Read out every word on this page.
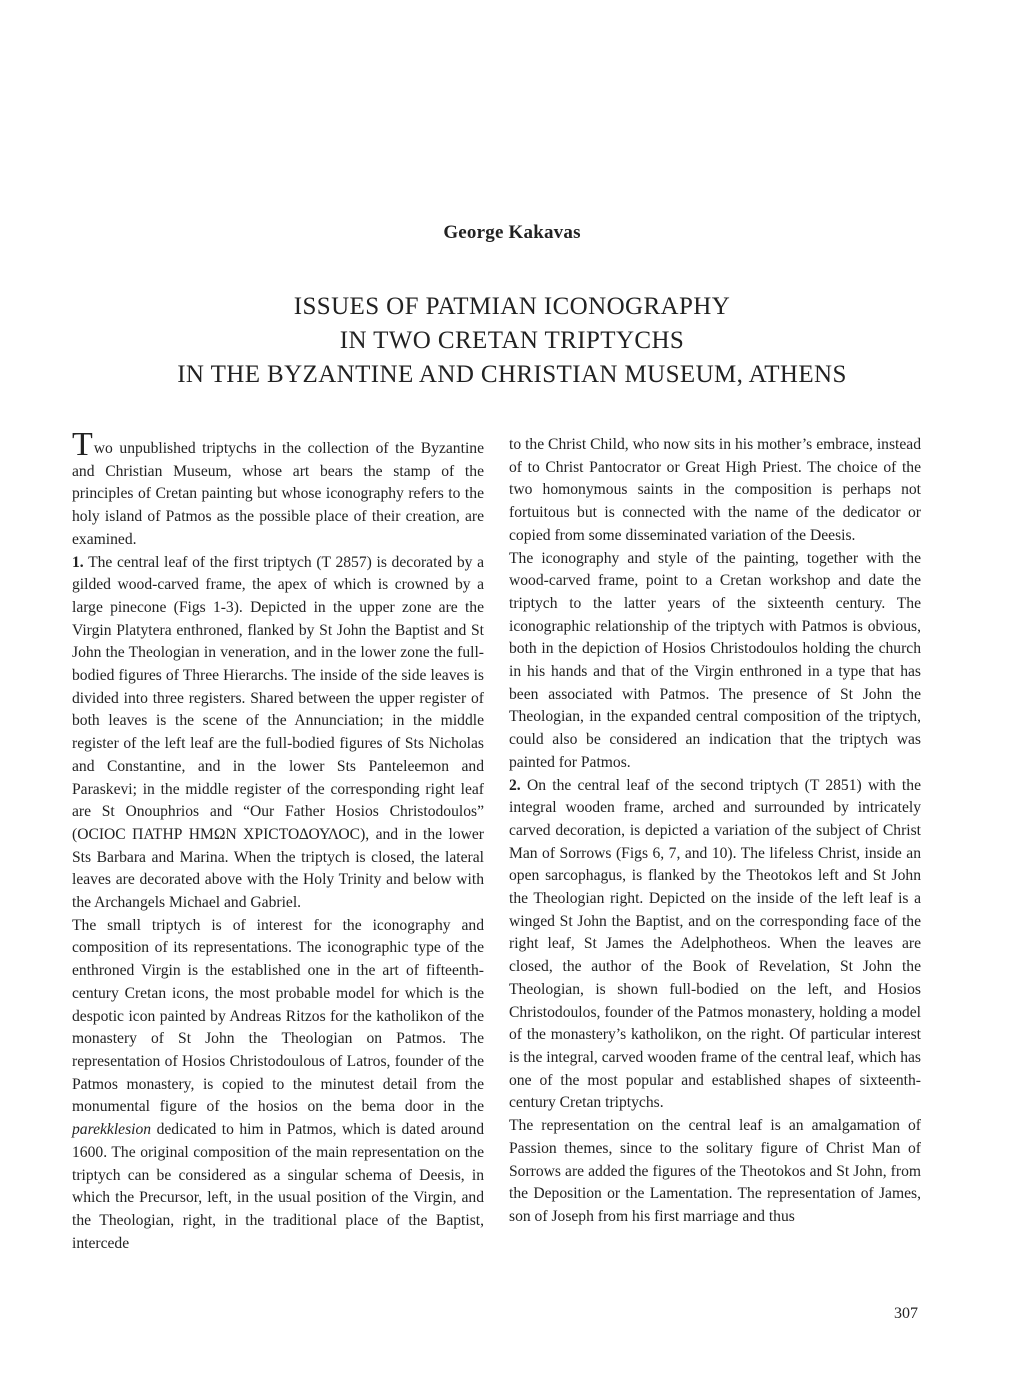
George Kakavas
ISSUES OF PATMIAN ICONOGRAPHY
IN TWO CRETAN TRIPTYCHS
IN THE BYZANTINE AND CHRISTIAN MUSEUM, ATHENS

Two unpublished triptychs in the collection of the Byzantine and Christian Museum, whose art bears the stamp of the principles of Cretan painting but whose iconography refers to the holy island of Patmos as the possible place of their creation, are examined.

1. The central leaf of the first triptych (T 2857) is decorated by a gilded wood-carved frame, the apex of which is crowned by a large pinecone (Figs 1-3). Depicted in the upper zone are the Virgin Platytera enthroned, flanked by St John the Baptist and St John the Theologian in veneration, and in the lower zone the full-bodied figures of Three Hierarchs. The inside of the side leaves is divided into three registers. Shared between the upper register of both leaves is the scene of the Annunciation; in the middle register of the left leaf are the full-bodied figures of Sts Nicholas and Constantine, and in the lower Sts Panteleemon and Paraskevi; in the middle register of the corresponding right leaf are St Onouphrios and “Our Father Hosios Christodoulos” (ΟCΙΟC ΠΑΤΗΡ ΗΜΩΝ ΧΡΙCΤΟΔΟΥΛΟC), and in the lower Sts Barbara and Marina. When the triptych is closed, the lateral leaves are decorated above with the Holy Trinity and below with the Archangels Michael and Gabriel.

The small triptych is of interest for the iconography and composition of its representations. The iconographic type of the enthroned Virgin is the established one in the art of fifteenth-century Cretan icons, the most probable model for which is the despotic icon painted by Andreas Ritzos for the katholikon of the monastery of St John the Theologian on Patmos. The representation of Hosios Christodoulous of Latros, founder of the Patmos monastery, is copied to the minutest detail from the monumental figure of the hosios on the bema door in the parekklesion dedicated to him in Patmos, which is dated around 1600. The original composition of the main representation on the triptych can be considered as a singular schema of Deesis, in which the Precursor, left, in the usual position of the Virgin, and the Theologian, right, in the traditional place of the Baptist, intercede

to the Christ Child, who now sits in his mother’s embrace, instead of to Christ Pantocrator or Great High Priest. The choice of the two homonymous saints in the composition is perhaps not fortuitous but is connected with the name of the dedicator or copied from some disseminated variation of the Deesis.

The iconography and style of the painting, together with the wood-carved frame, point to a Cretan workshop and date the triptych to the latter years of the sixteenth century. The iconographic relationship of the triptych with Patmos is obvious, both in the depiction of Hosios Christodoulos holding the church in his hands and that of the Virgin enthroned in a type that has been associated with Patmos. The presence of St John the Theologian, in the expanded central composition of the triptych, could also be considered an indication that the triptych was painted for Patmos.

2. On the central leaf of the second triptych (T 2851) with the integral wooden frame, arched and surrounded by intricately carved decoration, is depicted a variation of the subject of Christ Man of Sorrows (Figs 6, 7, and 10). The lifeless Christ, inside an open sarcophagus, is flanked by the Theotokos left and St John the Theologian right. Depicted on the inside of the left leaf is a winged St John the Baptist, and on the corresponding face of the right leaf, St James the Adelphotheos. When the leaves are closed, the author of the Book of Revelation, St John the Theologian, is shown full-bodied on the left, and Hosios Christodoulos, founder of the Patmos monastery, holding a model of the monastery’s katholikon, on the right. Of particular interest is the integral, carved wooden frame of the central leaf, which has one of the most popular and established shapes of sixteenth-century Cretan triptychs.

The representation on the central leaf is an amalgamation of Passion themes, since to the solitary figure of Christ Man of Sorrows are added the figures of the Theotokos and St John, from the Deposition or the Lamentation. The representation of James, son of Joseph from his first marriage and thus

307
